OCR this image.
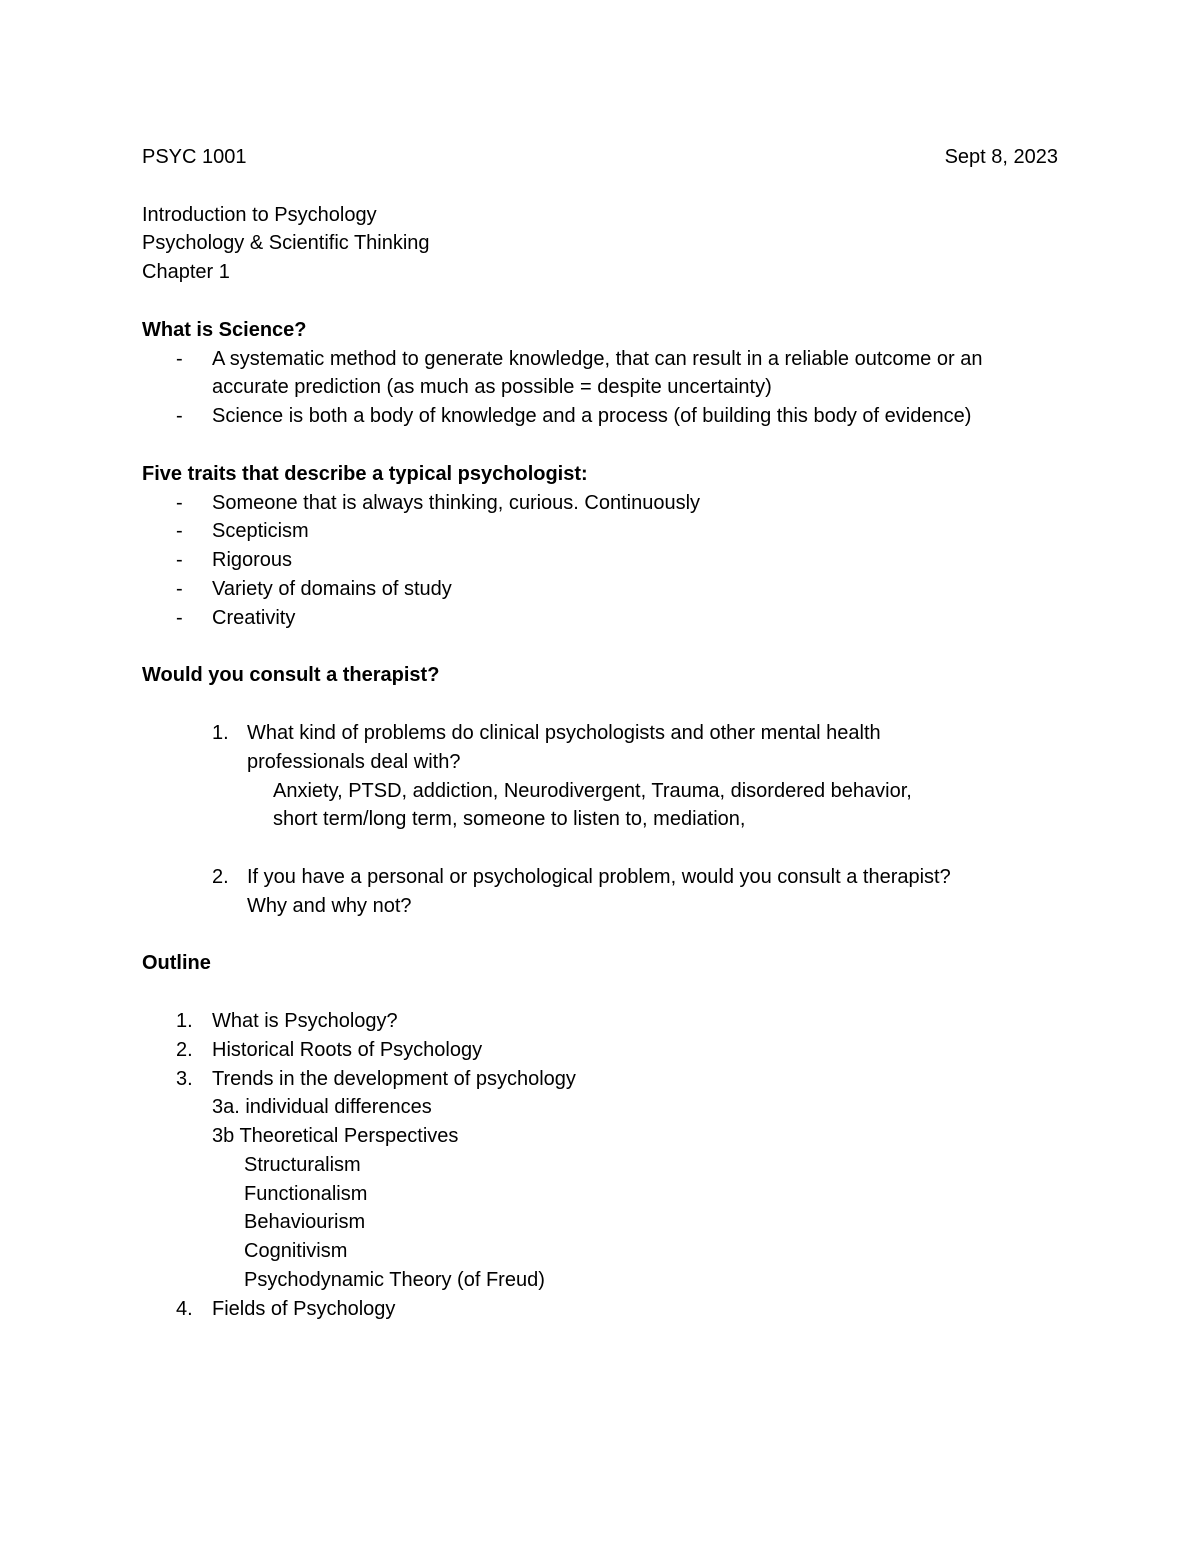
PSYC 1001	Sept 8, 2023
Introduction to Psychology
Psychology & Scientific Thinking
Chapter 1
What is Science?
- A systematic method to generate knowledge, that can result in a reliable outcome or an accurate prediction (as much as possible = despite uncertainty)
- Science is both a body of knowledge and a process (of building this body of evidence)
Five traits that describe a typical psychologist:
- Someone that is always thinking, curious. Continuously
- Scepticism
- Rigorous
- Variety of domains of study
- Creativity
Would you consult a therapist?
1. What kind of problems do clinical psychologists and other mental health
professionals deal with?
Anxiety, PTSD, addiction, Neurodivergent, Trauma, disordered behavior,
short term/long term, someone to listen to, mediation,
2. If you have a personal or psychological problem, would you consult a therapist?
Why and why not?
Outline
1. What is Psychology?
2. Historical Roots of Psychology
3. Trends in the development of psychology
3a. individual differences
3b Theoretical Perspectives
Structuralism
Functionalism
Behaviourism
Cognitivism
Psychodynamic Theory (of Freud)
4. Fields of Psychology
